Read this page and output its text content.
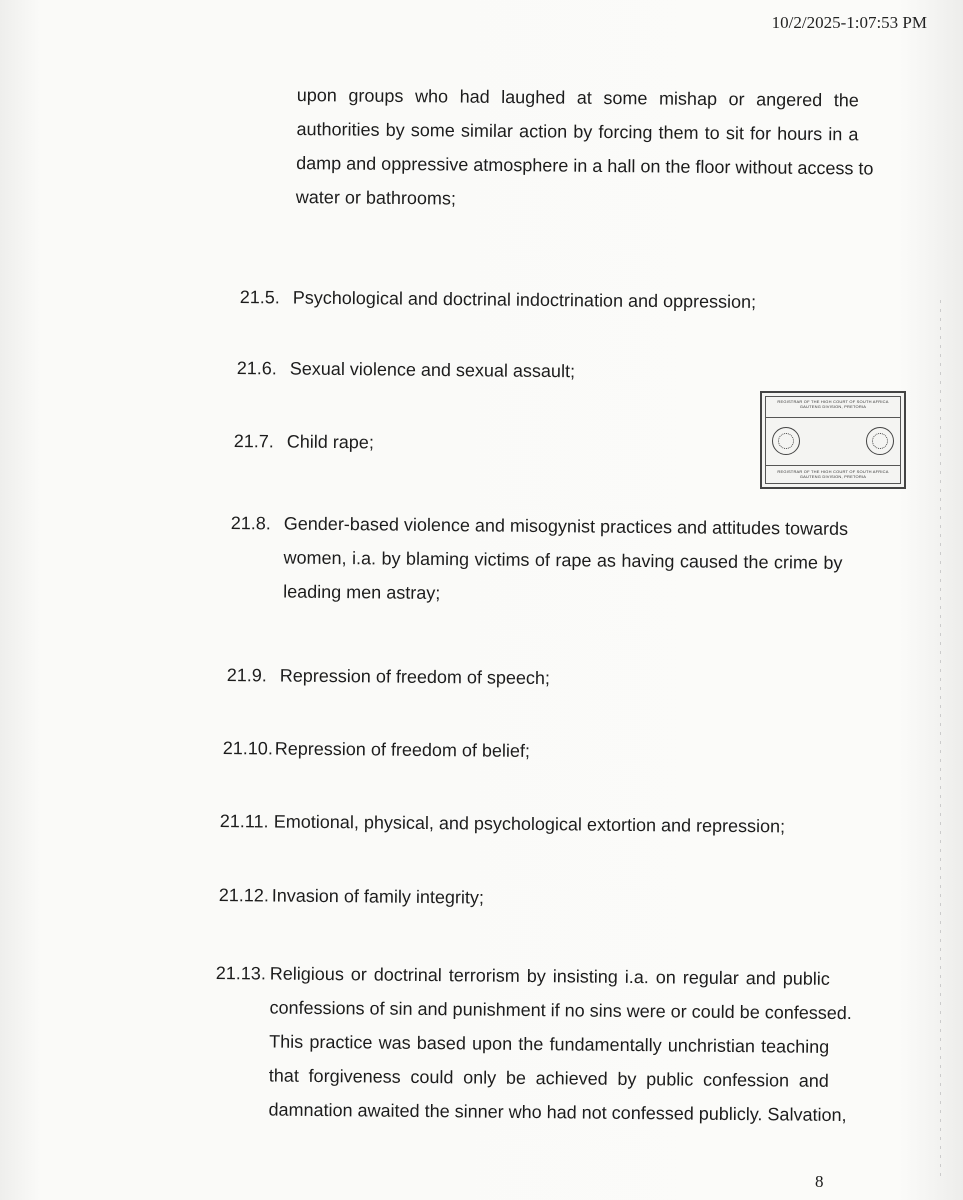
10/2/2025-1:07:53 PM
upon groups who had laughed at some mishap or angered the
authorities by some similar action by forcing them to sit for hours in a
damp and oppressive atmosphere in a hall on the floor without access to
water or bathrooms;
21.5. Psychological and doctrinal indoctrination and oppression;
21.6. Sexual violence and sexual assault;
21.7. Child rape;
REGISTRAR OF THE HIGH COURT OF SOUTH AFRICA GAUTENG DIVISION, PRETORIA
REGISTRAR OF THE HIGH COURT OF SOUTH AFRICA GAUTENG DIVISION, PRETORIA
21.8. Gender-based violence and misogynist practices and attitudes towards
women, i.a. by blaming victims of rape as having caused the crime by
leading men astray;
21.9. Repression of freedom of speech;
21.10.Repression of freedom of belief;
21.11. Emotional, physical, and psychological extortion and repression;
21.12. Invasion of family integrity;
21.13. Religious or doctrinal terrorism by insisting i.a. on regular and public
confessions of sin and punishment if no sins were or could be confessed.
This practice was based upon the fundamentally unchristian teaching
that forgiveness could only be achieved by public confession and
damnation awaited the sinner who had not confessed publicly. Salvation,
8
